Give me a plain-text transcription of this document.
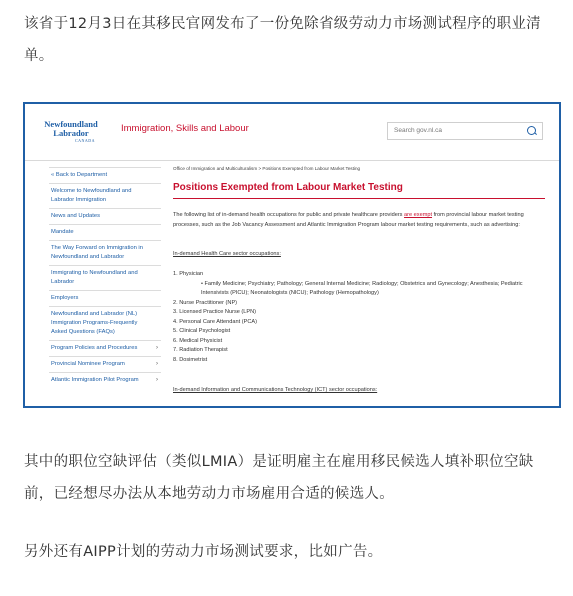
该省于12月3日在其移民官网发布了一份免除省级劳动力市场测试程序的职业清单。
Newfoundland
Labrador
CANADA
Immigration, Skills and Labour	Search gov.nl.ca
« Back to Department
Welcome to Newfoundland and Labrador Immigration
News and Updates
Mandate
The Way Forward on Immigration in Newfoundland and Labrador
Immigrating to Newfoundland and Labrador
Employers
Newfoundland and Labrador (NL) Immigration Programs-Frequently Asked Questions (FAQs)
Program Policies and Procedures	›
Provincial Nominee Program	›
Atlantic Immigration Pilot Program	›
Office of Immigration and Multiculturalism > Positions Exempted from Labour Market Testing
Positions Exempted from Labour Market Testing
The following list of in-demand health occupations for public and private healthcare providers are exempt from provincial labour market testing processes, such as the Job Vacancy Assessment and Atlantic Immigration Program labour market testing requirements, such as advertising:
In-demand Health Care sector occupations:
1. Physician
• Family Medicine; Psychiatry; Pathology; General Internal Medicine; Radiology; Obstetrics and Gynecology; Anesthesia; Pediatric Intensivists (PICU); Neonatologists (NICU); Pathology (Hemopathology)
2. Nurse Practitioner (NP)
3. Licensed Practice Nurse (LPN)
4. Personal Care Attendant (PCA)
5. Clinical Psychologist
6. Medical Physicist
7. Radiation Therapist
8. Dosimetrist
In-demand Information and Communications Technology (ICT) sector occupations:
其中的职位空缺评估（类似LMIA）是证明雇主在雇用移民候选人填补职位空缺前，已经想尽办法从本地劳动力市场雇用合适的候选人。
另外还有AIPP计划的劳动力市场测试要求，比如广告。
